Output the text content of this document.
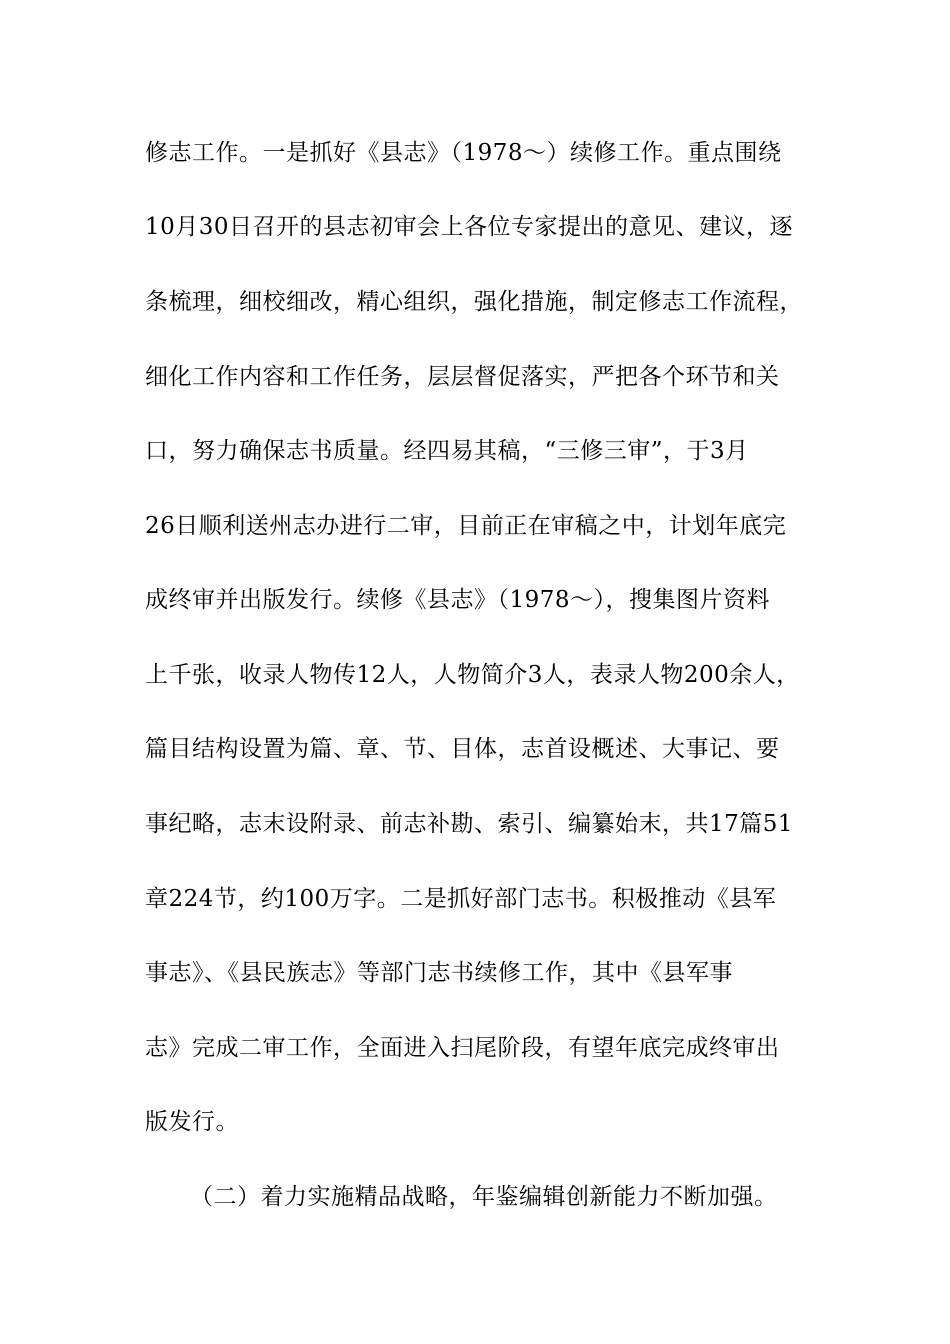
修志工作。一是抓好《县志》（1978～）续修工作。重点围绕
10月30日召开的县志初审会上各位专家提出的意见、建议，逐
条梳理，细校细改，精心组织，强化措施，制定修志工作流程，
细化工作内容和工作任务，层层督促落实，严把各个环节和关
口，努力确保志书质量。经四易其稿，“三修三审”，于3月
26日顺利送州志办进行二审，目前正在审稿之中，计划年底完
成终审并出版发行。续修《县志》（1978～），搜集图片资料
上千张，收录人物传12人，人物简介3人，表录人物200余人，
篇目结构设置为篇、章、节、目体，志首设概述、大事记、要
事纪略，志末设附录、前志补勘、索引、编纂始末，共17篇51
章224节，约100万字。二是抓好部门志书。积极推动《县军
事志》、《县民族志》等部门志书续修工作，其中《县军事
志》完成二审工作，全面进入扫尾阶段，有望年底完成终审出
版发行。
（二）着力实施精品战略，年鉴编辑创新能力不断加强。
